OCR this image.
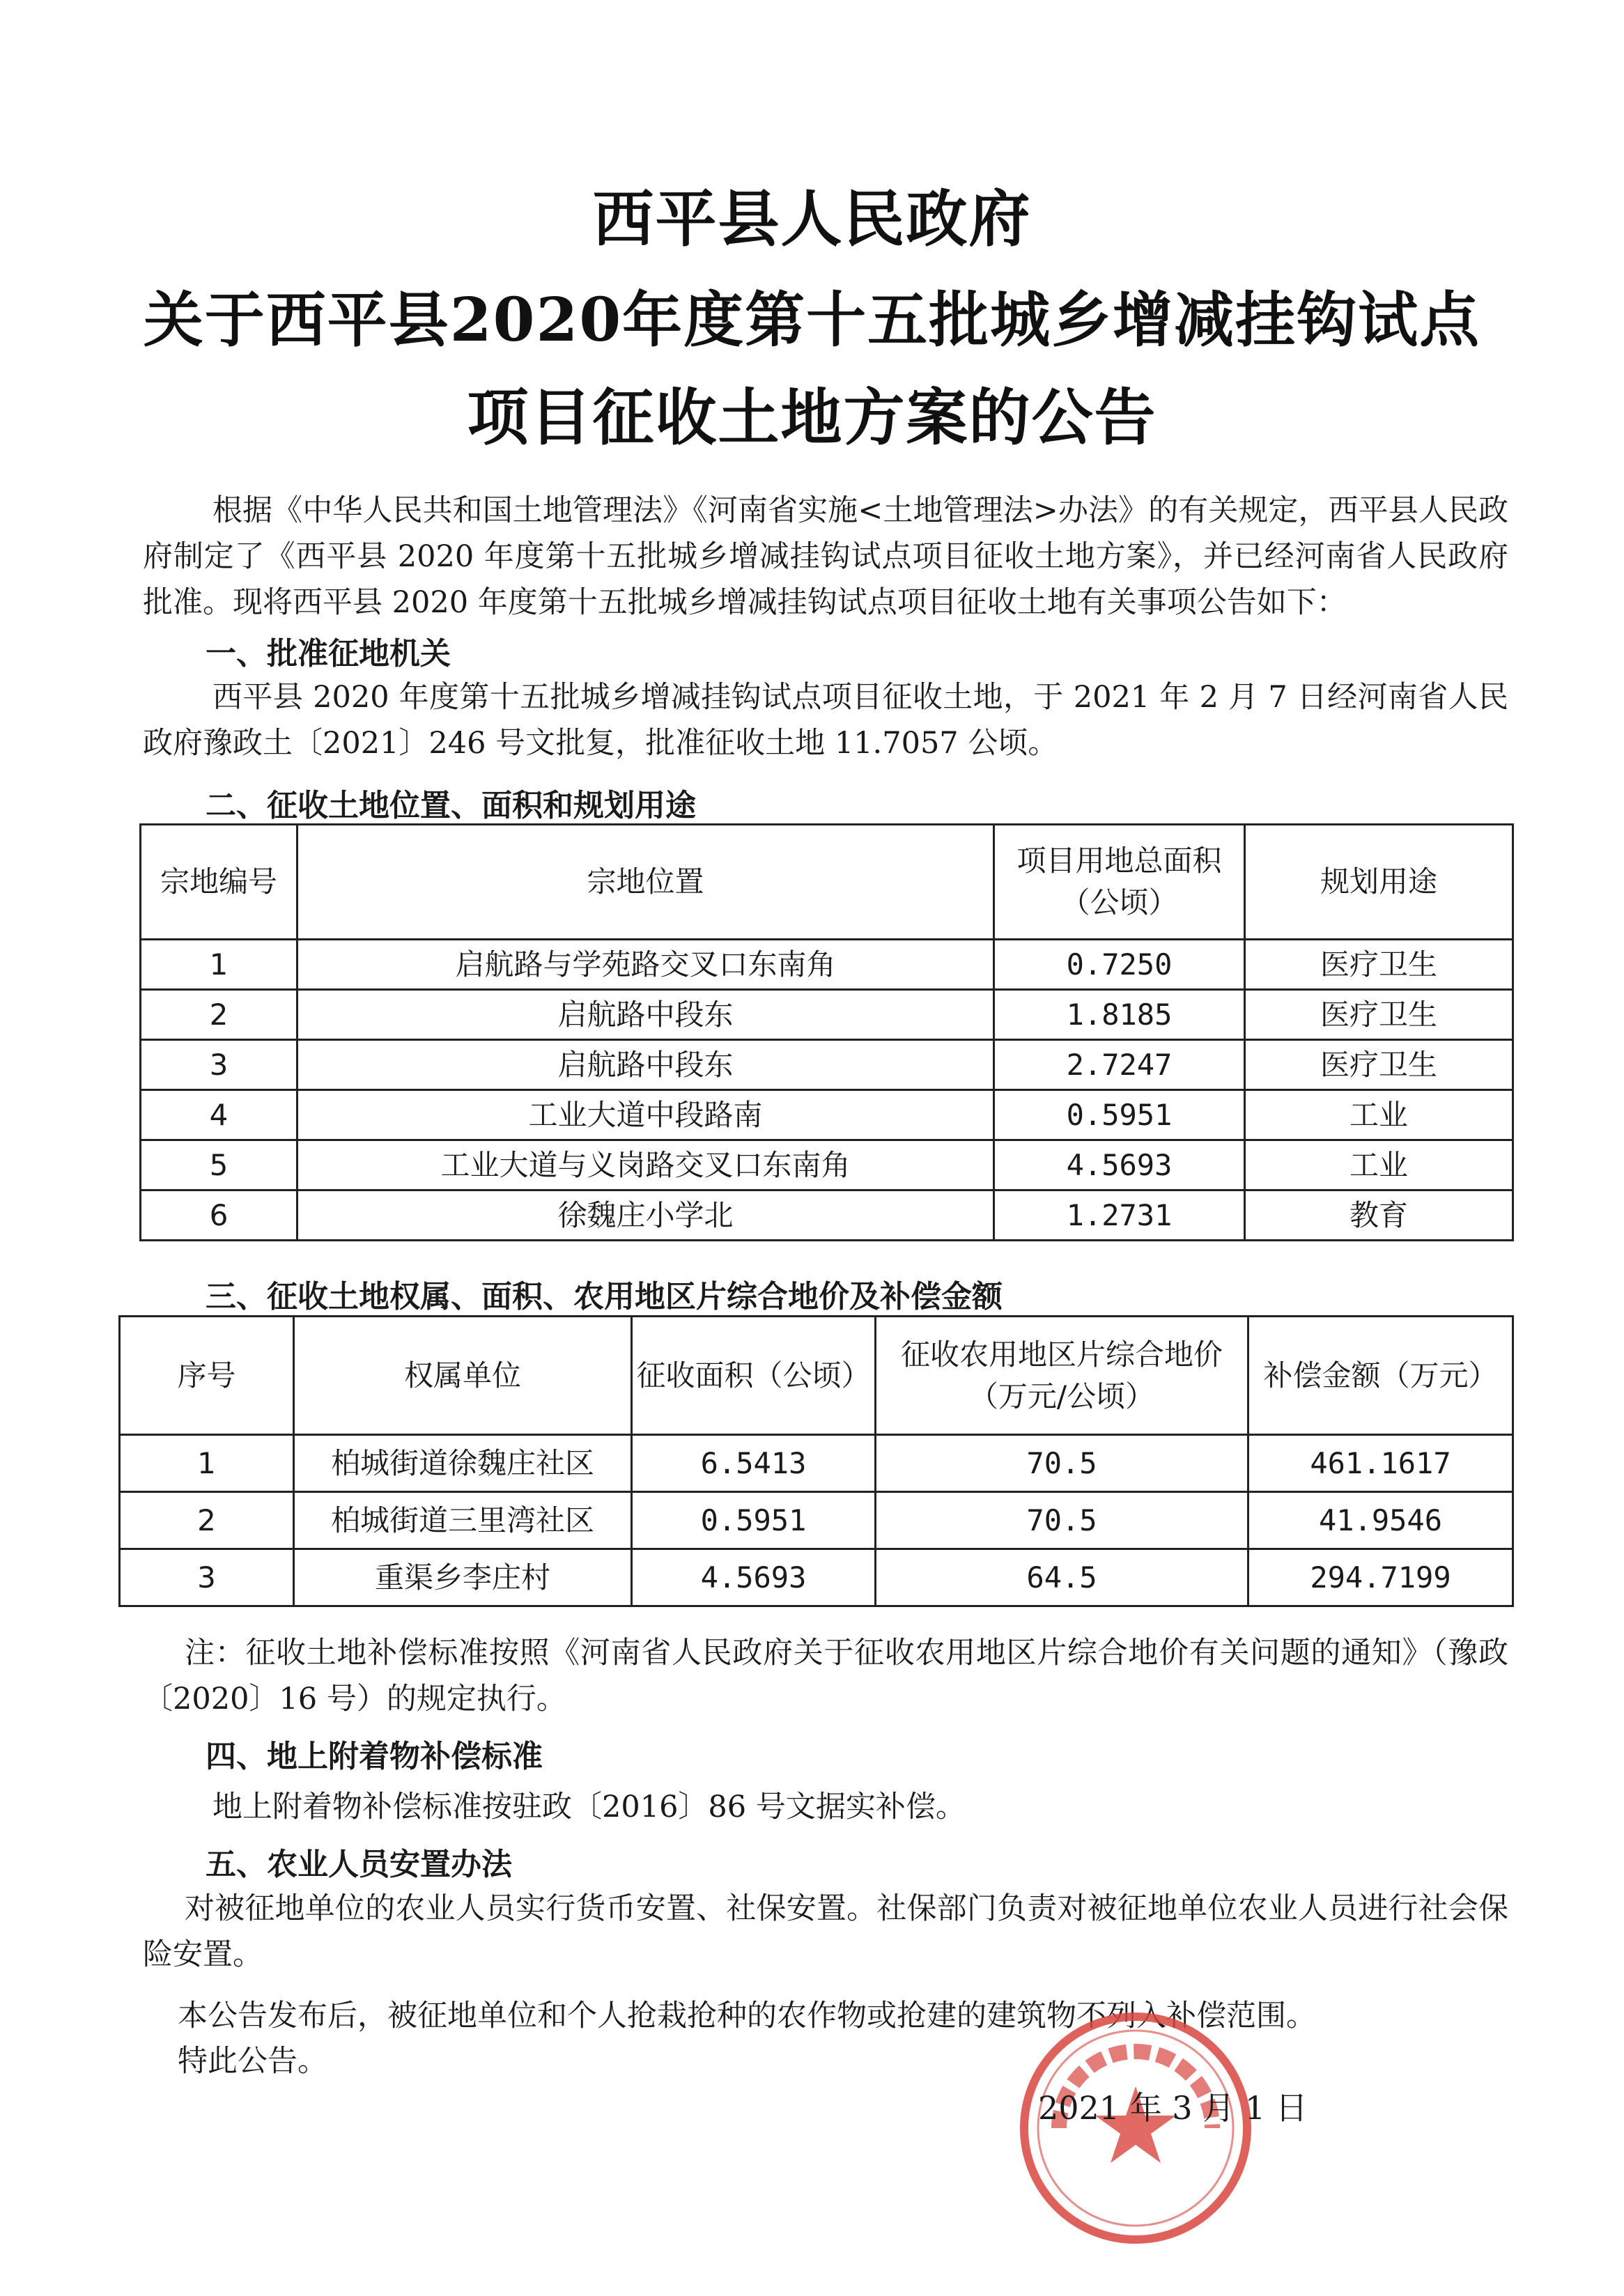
西平县人民政府
关于西平县2020年度第十五批城乡增减挂钩试点
项目征收土地方案的公告

根据《中华人民共和国土地管理法》《河南省实施<土地管理法>办法》的有关规定，西平县人民政府制定了《西平县 2020 年度第十五批城乡增减挂钩试点项目征收土地方案》，并已经河南省人民政府批准。现将西平县 2020 年度第十五批城乡增减挂钩试点项目征收土地有关事项公告如下：

一、批准征地机关

西平县 2020 年度第十五批城乡增减挂钩试点项目征收土地，于 2021 年 2 月 7 日经河南省人民政府豫政土〔2021〕246 号文批复，批准征收土地 11.7057 公顷。

二、征收土地位置、面积和规划用途
宗地编号	宗地位置	项目用地总面积（公顷）	规划用途
1	启航路与学苑路交叉口东南角	0.7250	医疗卫生
2	启航路中段东	1.8185	医疗卫生
3	启航路中段东	2.7247	医疗卫生
4	工业大道中段路南	0.5951	工业
5	工业大道与义岗路交叉口东南角	4.5693	工业
6	徐魏庄小学北	1.2731	教育
三、征收土地权属、面积、农用地区片综合地价及补偿金额
序号	权属单位	征收面积（公顷）	征收农用地区片综合地价（万元/公顷）	补偿金额（万元）
1	柏城街道徐魏庄社区	6.5413	70.5	461.1617
2	柏城街道三里湾社区	0.5951	70.5	41.9546
3	重渠乡李庄村	4.5693	64.5	294.7199

注：征收土地补偿标准按照《河南省人民政府关于征收农用地区片综合地价有关问题的通知》（豫政〔2020〕16 号）的规定执行。

四、地上附着物补偿标准
地上附着物补偿标准按驻政〔2016〕86 号文据实补偿。
五、农业人员安置办法

对被征地单位的农业人员实行货币安置、社保安置。社保部门负责对被征地单位农业人员进行社会保险安置。

本公告发布后，被征地单位和个人抢栽抢种的农作物或抢建的建筑物不列入补偿范围。
特此公告。
2021 年 3 月 1 日
